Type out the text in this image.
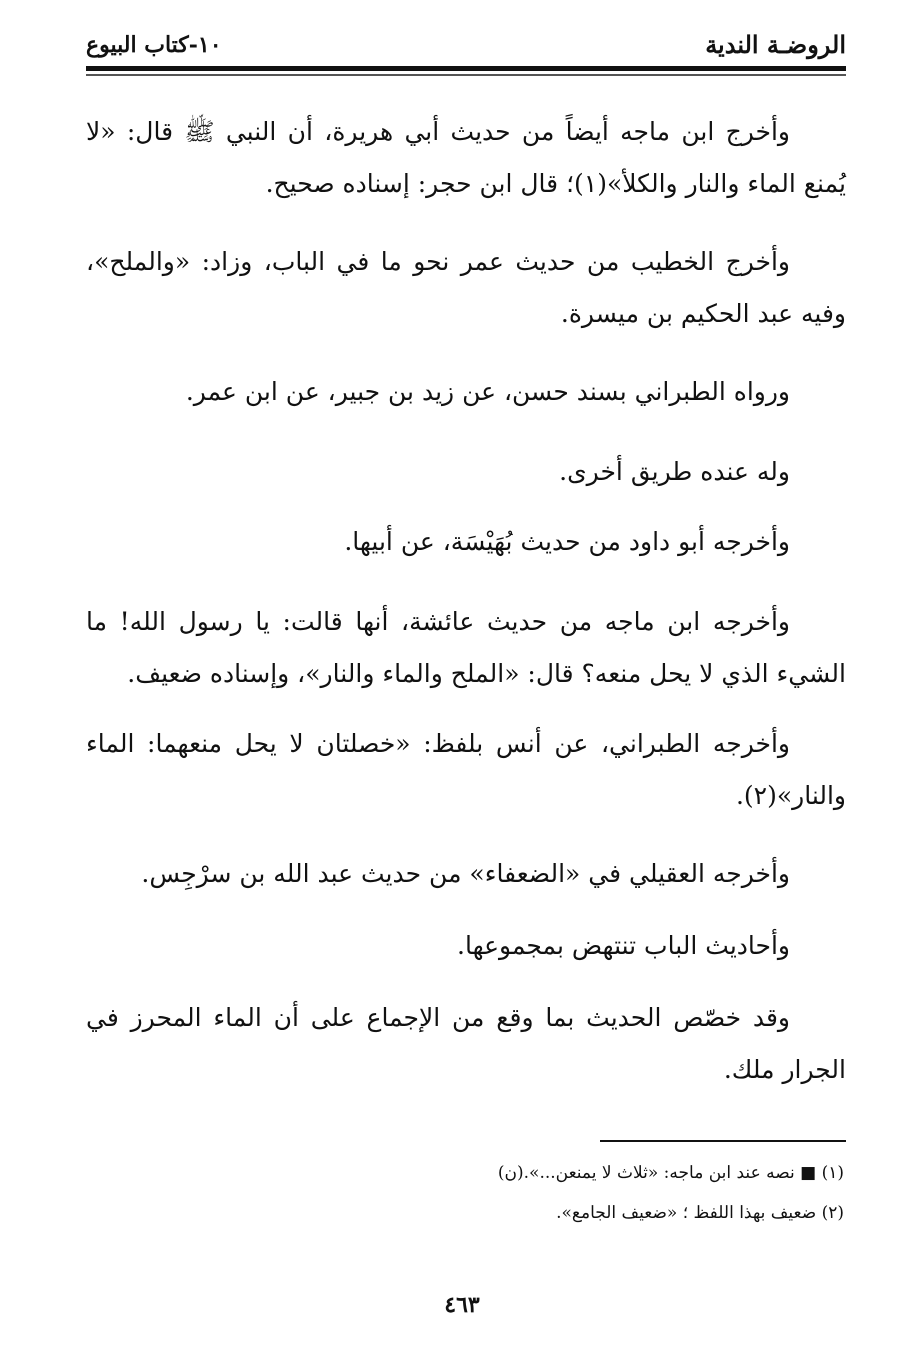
الروضـة الندية
١٠-كتاب البيوع

وأخرج ابن ماجه أيضاً من حديث أبي هريرة، أن النبي ﷺ قال: «لا يُمنع الماء والنار والكلأ»(١)؛ قال ابن حجر: إسناده صحيح.

وأخرج الخطيب من حديث عمر نحو ما في الباب، وزاد: «والملح»، وفيه عبد الحكيم بن ميسرة.

ورواه الطبراني بسند حسن، عن زيد بن جبير، عن ابن عمر.

وله عنده طريق أخرى.

وأخرجه أبو داود من حديث بُهَيْسَة، عن أبيها.

وأخرجه ابن ماجه من حديث عائشة، أنها قالت: يا رسول الله! ما الشيء الذي لا يحل منعه؟ قال: «الملح والماء والنار»، وإسناده ضعيف.

وأخرجه الطبراني، عن أنس بلفظ: «خصلتان لا يحل منعهما: الماء والنار»(٢).

وأخرجه العقيلي في «الضعفاء» من حديث عبد الله بن سرْجِس.

وأحاديث الباب تنتهض بمجموعها.

وقد خصّص الحديث بما وقع من الإجماع على أن الماء المحرز في الجرار ملك.

(١) ■ نصه عند ابن ماجه: «ثلاث لا يمنعن...».(ن)
(٢) ضعيف بهذا اللفظ ؛ «ضعيف الجامع».
٤٦٣
